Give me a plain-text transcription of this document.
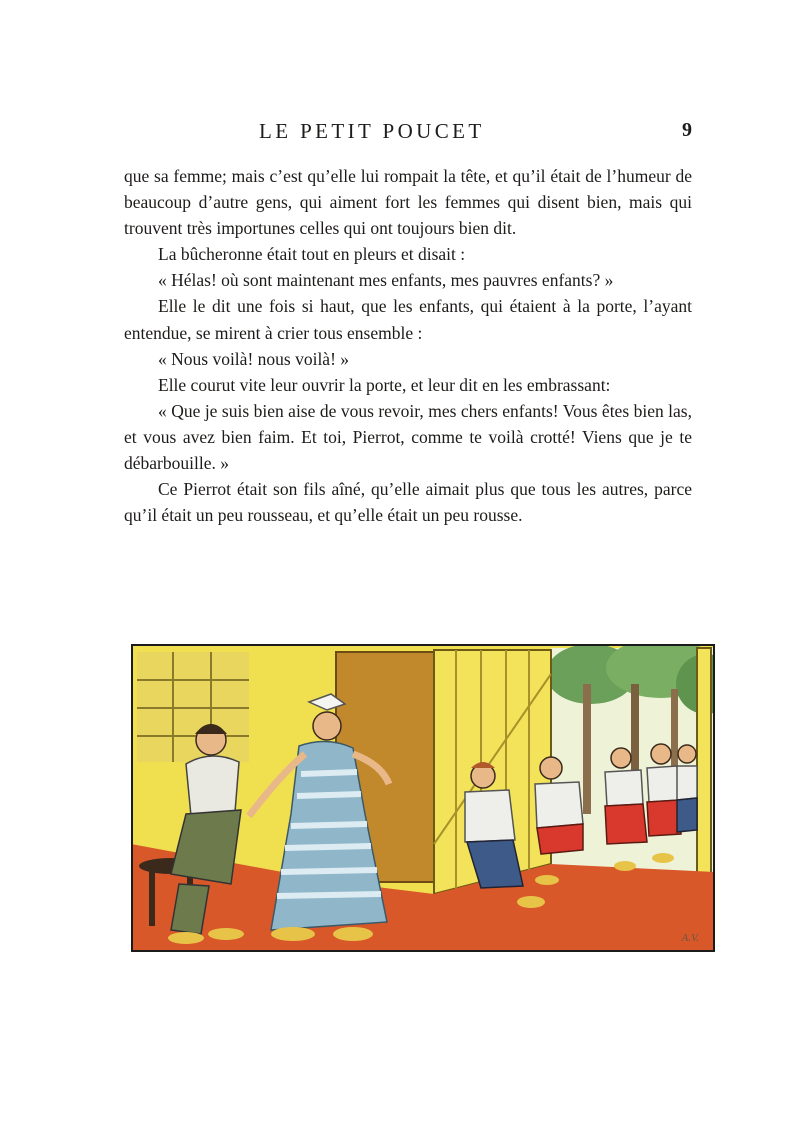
LE PETIT POUCET	9

que sa femme; mais c’est qu’elle lui rompait la tête, et qu’il était de l’humeur de beaucoup d’autre gens, qui aiment fort les femmes qui disent bien, mais qui trouvent très importunes celles qui ont toujours bien dit.

La bûcheronne était tout en pleurs et disait :

« Hélas! où sont maintenant mes enfants, mes pauvres enfants? »

Elle le dit une fois si haut, que les enfants, qui étaient à la porte, l’ayant entendue, se mirent à crier tous ensemble :

« Nous voilà! nous voilà! »

Elle courut vite leur ouvrir la porte, et leur dit en les embrassant:

« Que je suis bien aise de vous revoir, mes chers enfants! Vous êtes bien las, et vous avez bien faim. Et toi, Pierrot, comme te voilà crotté! Viens que je te débarbouille. »

Ce Pierrot était son fils aîné, qu’elle aimait plus que tous les autres, parce qu’il était un peu rousseau, et qu’elle était un peu rousse.

A.V.
